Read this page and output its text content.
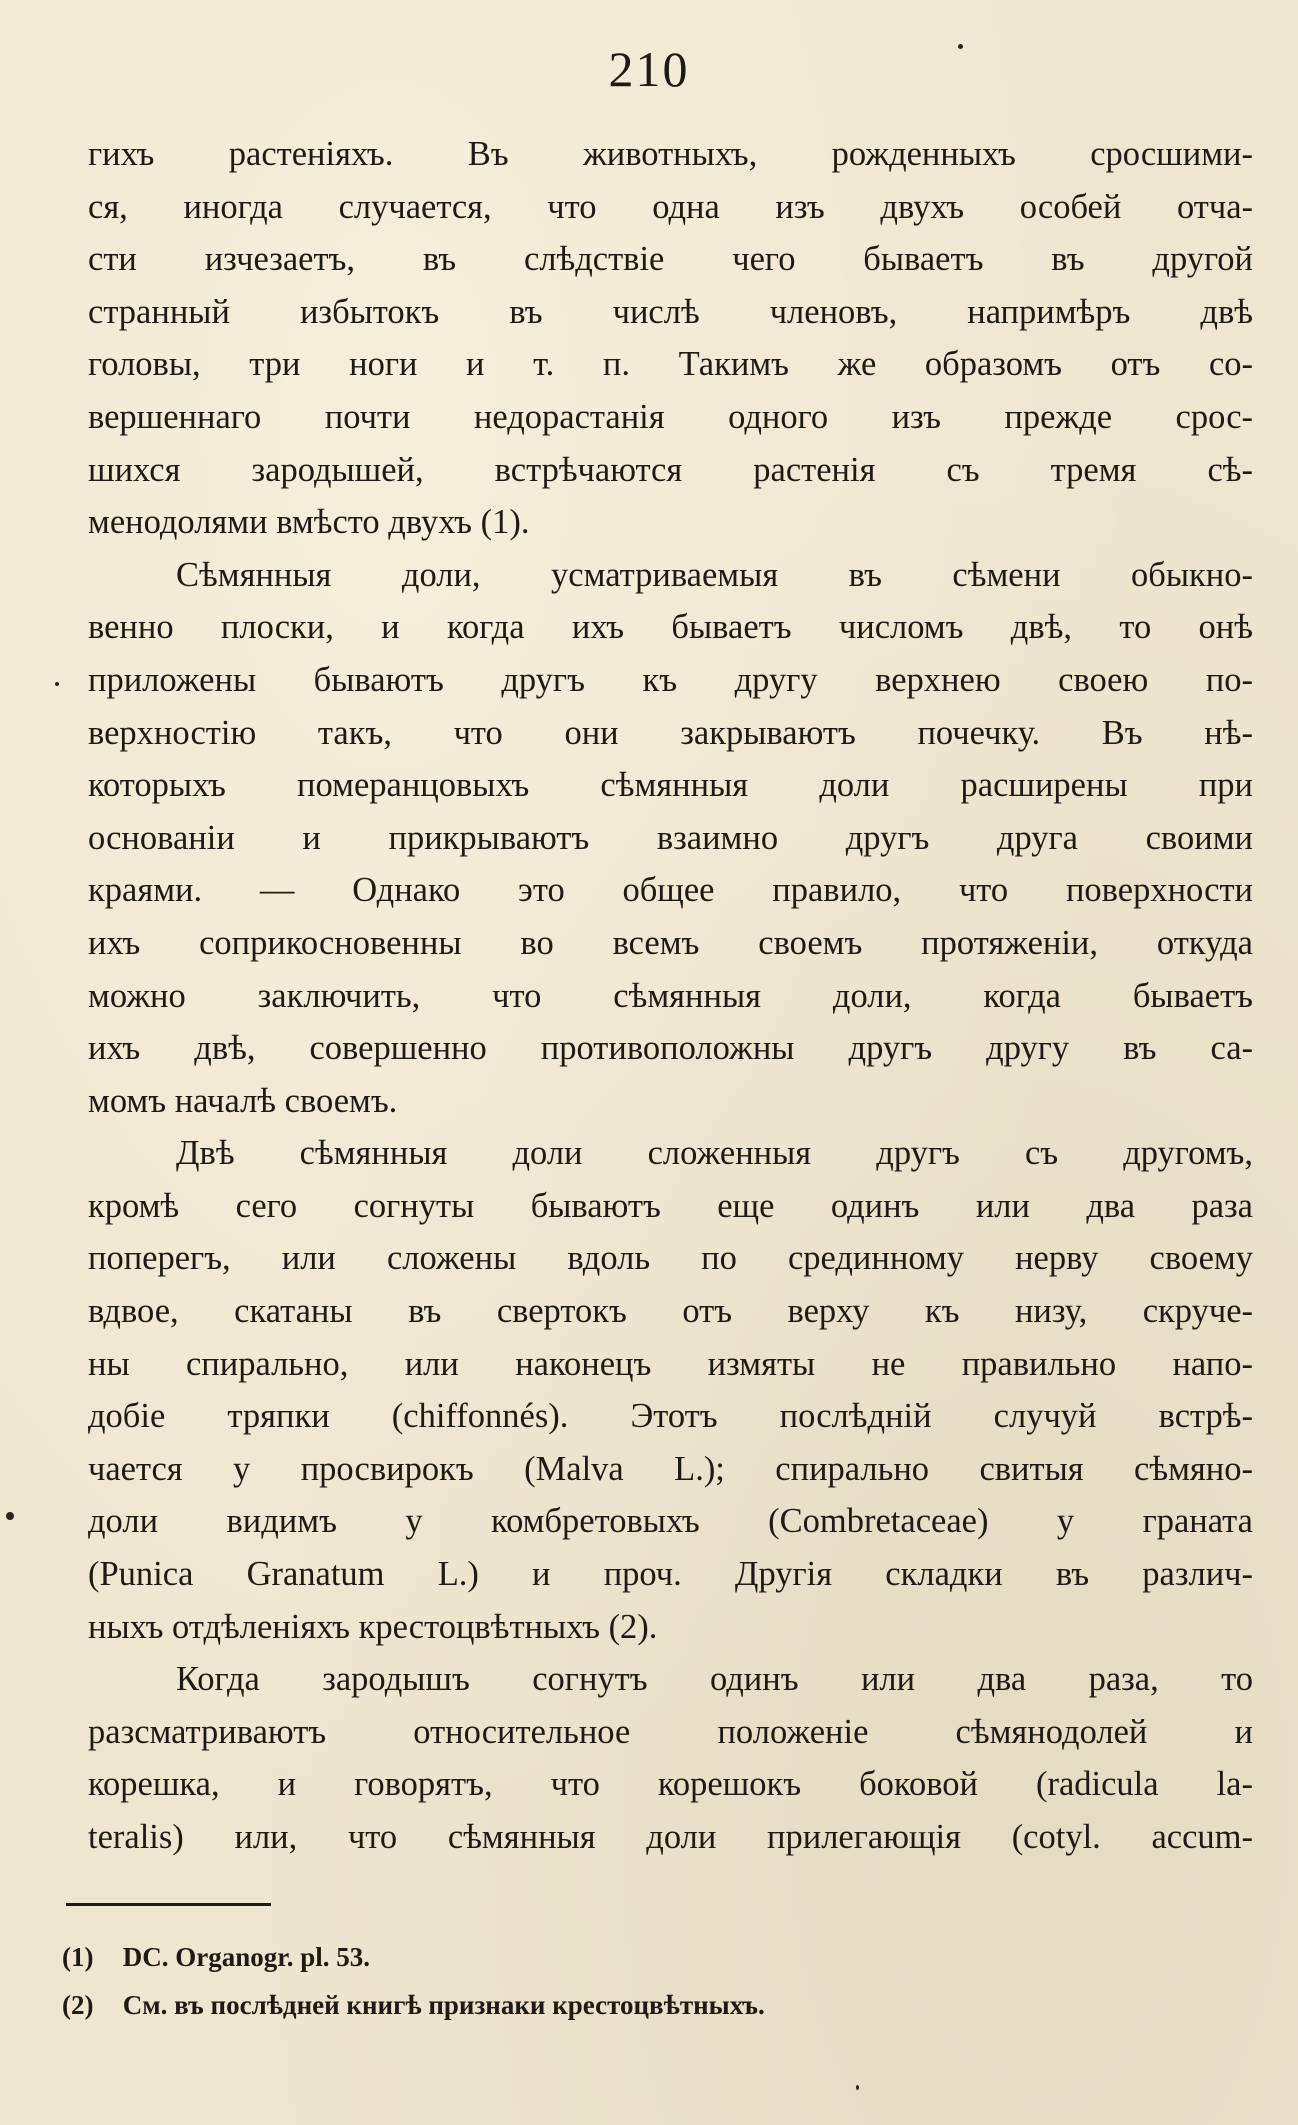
210
гихъ растеніяхъ. Въ животныхъ, рожденныхъ сросшими-
ся, иногда случается, что одна изъ двухъ особей отча-
сти изчезаетъ, въ слѣдствіе чего бываетъ въ другой
странный избытокъ въ числѣ членовъ, напримѣръ двѣ
головы, три ноги и т. п. Такимъ же образомъ отъ со-
вершеннаго почти недорастанія одного изъ прежде срос-
шихся зародышей, встрѣчаются растенія съ тремя сѣ-
менодолями вмѣсто двухъ (1).
Сѣмянныя доли, усматриваемыя въ сѣмени обыкно-
венно плоски, и когда ихъ бываетъ числомъ двѣ, то онѣ
приложены бываютъ другъ къ другу верхнею своею по-
верхностію такъ, что они закрываютъ почечку. Въ нѣ-
которыхъ померанцовыхъ сѣмянныя доли расширены при
основаніи и прикрываютъ взаимно другъ друга своими
краями. — Однако это общее правило, что поверхности
ихъ соприкосновенны во всемъ своемъ протяженіи, откуда
можно заключить, что сѣмянныя доли, когда бываетъ
ихъ двѣ, совершенно противоположны другъ другу въ са-
момъ началѣ своемъ.
Двѣ сѣмянныя доли сложенныя другъ съ другомъ,
кромѣ сего согнуты бываютъ еще одинъ или два раза
поперегъ, или сложены вдоль по срединному нерву своему
вдвое, скатаны въ свертокъ отъ верху къ низу, скруче-
ны спирально, или наконецъ измяты не правильно напо-
добіе тряпки (chiffonnés). Этотъ послѣдній случуй встрѣ-
чается у просвирокъ (Malva L.); спирально свитыя сѣмяно-
доли видимъ у комбретовыхъ (Combretaceae) у граната
(Punica Granatum L.) и проч. Другія складки въ различ-
ныхъ отдѣленіяхъ крестоцвѣтныхъ (2).
Когда зародышъ согнутъ одинъ или два раза, то
разсматриваютъ относительное положеніе сѣмянодолей и
корешка, и говорятъ, что корешокъ боковой (radicula la-
teralis) или, что сѣмянныя доли прилегающія (cotyl. accum-
(1) DC. Organogr. pl. 53.
(2) См. въ послѣдней книгѣ признаки крестоцвѣтныхъ.
